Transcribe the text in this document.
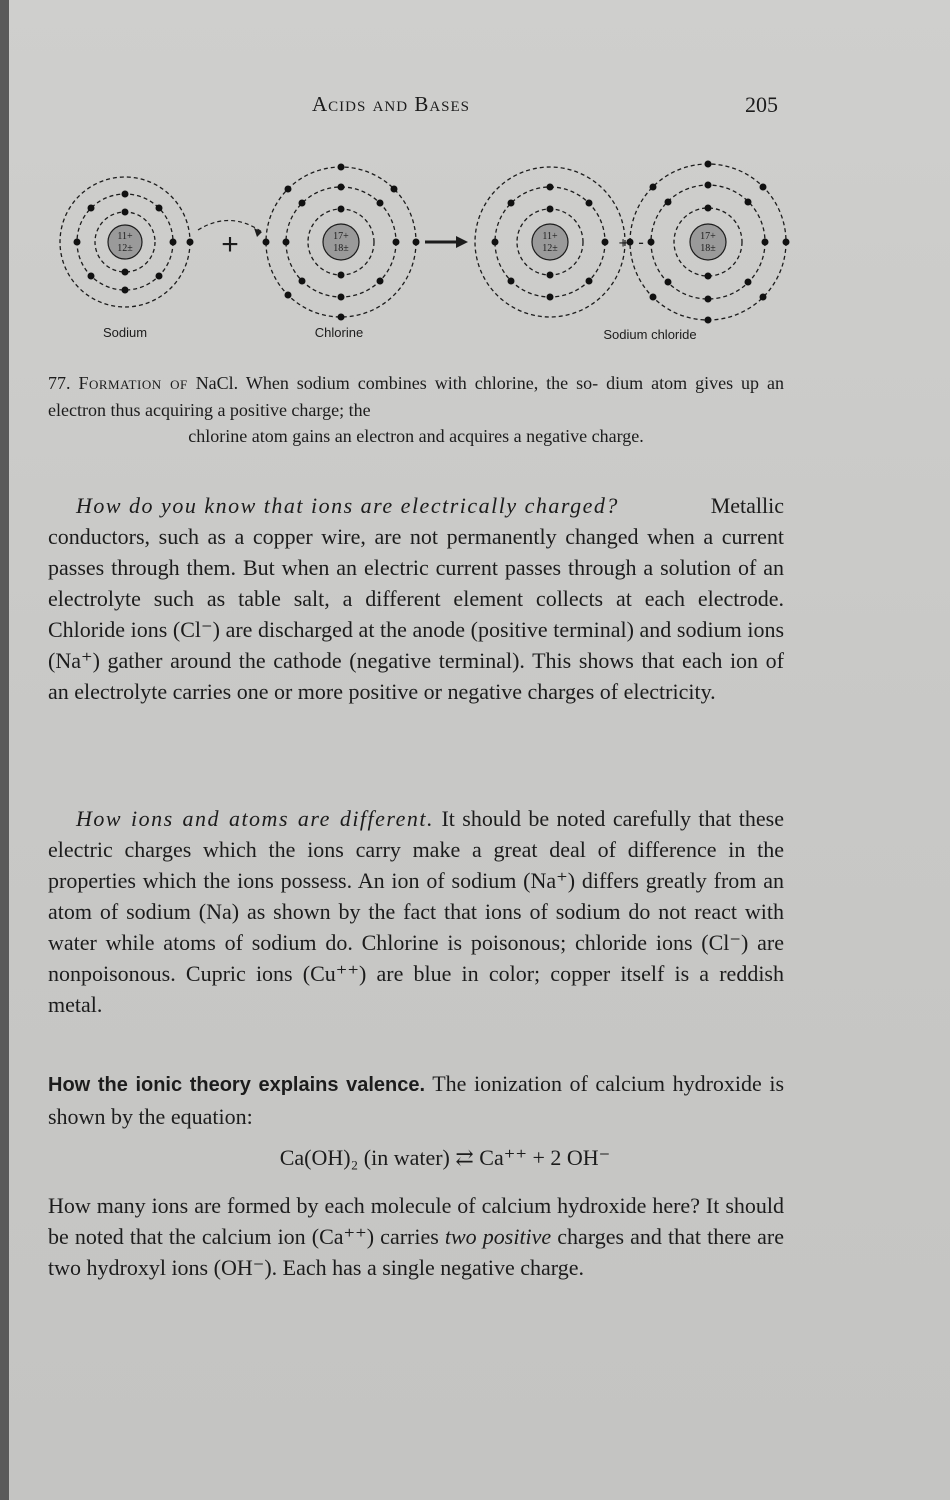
Acids and Bases	205
11+
12±
17+
18±
11+
12±
17+
18±
+	+ -
Sodium	Chlorine	Sodium chloride
77. Formation of NaCl. When sodium combines with chlorine, the so- dium atom gives up an electron thus acquiring a positive charge; the
chlorine atom gains an electron and acquires a negative charge.
How do you know that ions are electrically charged?	Metallic conductors, such as a copper wire, are not permanently changed when a current passes through them. But when an electric current passes through a solution of an electrolyte such as table salt, a different element collects at each electrode. Chloride ions (Cl⁻) are discharged at the anode (positive terminal) and sodium ions (Na⁺) gather around the cathode (negative terminal). This shows that each ion of an electrolyte carries one or more positive or negative charges of electricity.
How ions and atoms are different. It should be noted carefully that these electric charges which the ions carry make a great deal of difference in the properties which the ions possess. An ion of sodium (Na⁺) differs greatly from an atom of sodium (Na) as shown by the fact that ions of sodium do not react with water while atoms of sodium do. Chlorine is poisonous; chloride ions (Cl⁻) are nonpoisonous. Cupric ions (Cu⁺⁺) are blue in color; copper itself is a reddish metal.
How the ionic theory explains valence. The ionization of calcium hydroxide is shown by the equation:
Ca(OH)₂ (in water) ⇄ Ca⁺⁺ + 2 OH⁻
How many ions are formed by each molecule of calcium hydroxide here? It should be noted that the calcium ion (Ca⁺⁺) carries two positive charges and that there are two hydroxyl ions (OH⁻). Each has a single negative charge.
